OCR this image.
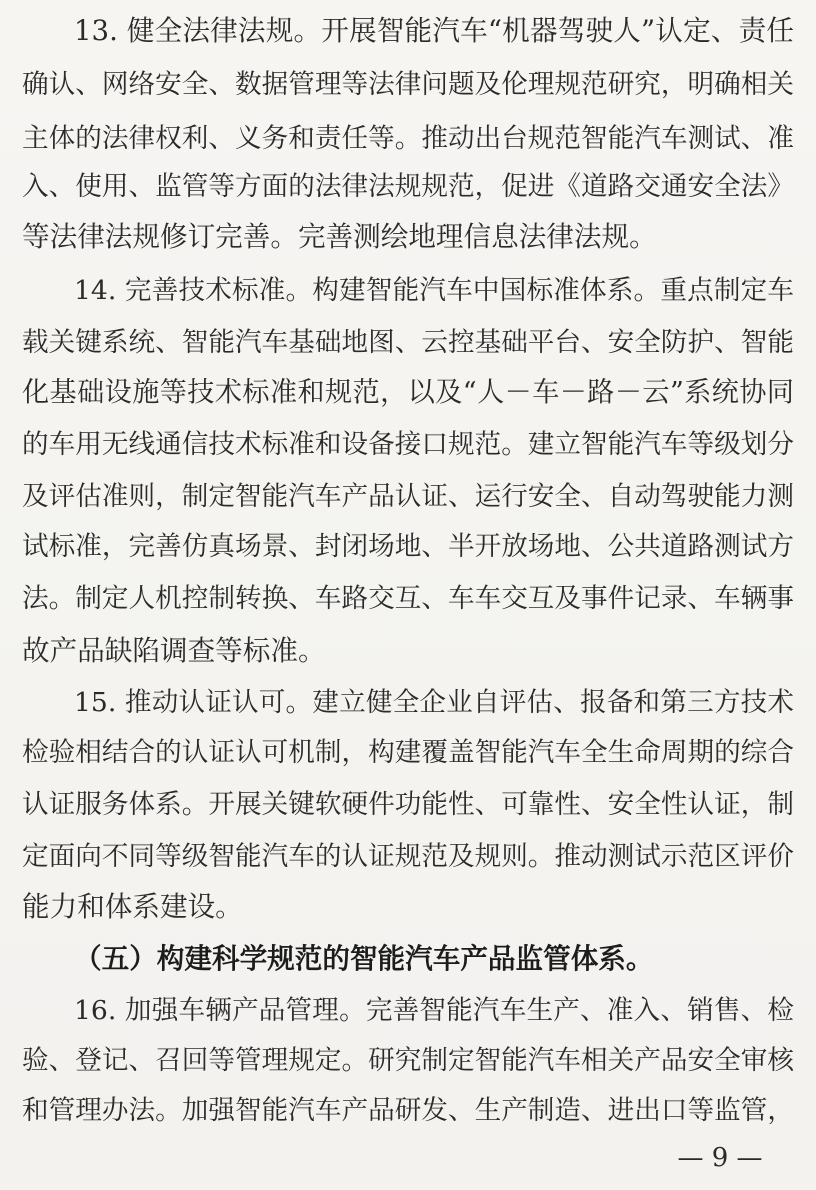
13. 健全法律法规。开展智能汽车“机器驾驶人”认定、责任
确认、网络安全、数据管理等法律问题及伦理规范研究，明确相关
主体的法律权利、义务和责任等。推动出台规范智能汽车测试、准
入、使用、监管等方面的法律法规规范，促进《道路交通安全法》
等法律法规修订完善。完善测绘地理信息法律法规。
14. 完善技术标准。构建智能汽车中国标准体系。重点制定车
载关键系统、智能汽车基础地图、云控基础平台、安全防护、智能
化基础设施等技术标准和规范，以及“人－车－路－云”系统协同
的车用无线通信技术标准和设备接口规范。建立智能汽车等级划分
及评估准则，制定智能汽车产品认证、运行安全、自动驾驶能力测
试标准，完善仿真场景、封闭场地、半开放场地、公共道路测试方
法。制定人机控制转换、车路交互、车车交互及事件记录、车辆事
故产品缺陷调查等标准。
15. 推动认证认可。建立健全企业自评估、报备和第三方技术
检验相结合的认证认可机制，构建覆盖智能汽车全生命周期的综合
认证服务体系。开展关键软硬件功能性、可靠性、安全性认证，制
定面向不同等级智能汽车的认证规范及规则。推动测试示范区评价
能力和体系建设。
（五）构建科学规范的智能汽车产品监管体系。
16. 加强车辆产品管理。完善智能汽车生产、准入、销售、检
验、登记、召回等管理规定。研究制定智能汽车相关产品安全审核
和管理办法。加强智能汽车产品研发、生产制造、进出口等监管，
— 9 —
